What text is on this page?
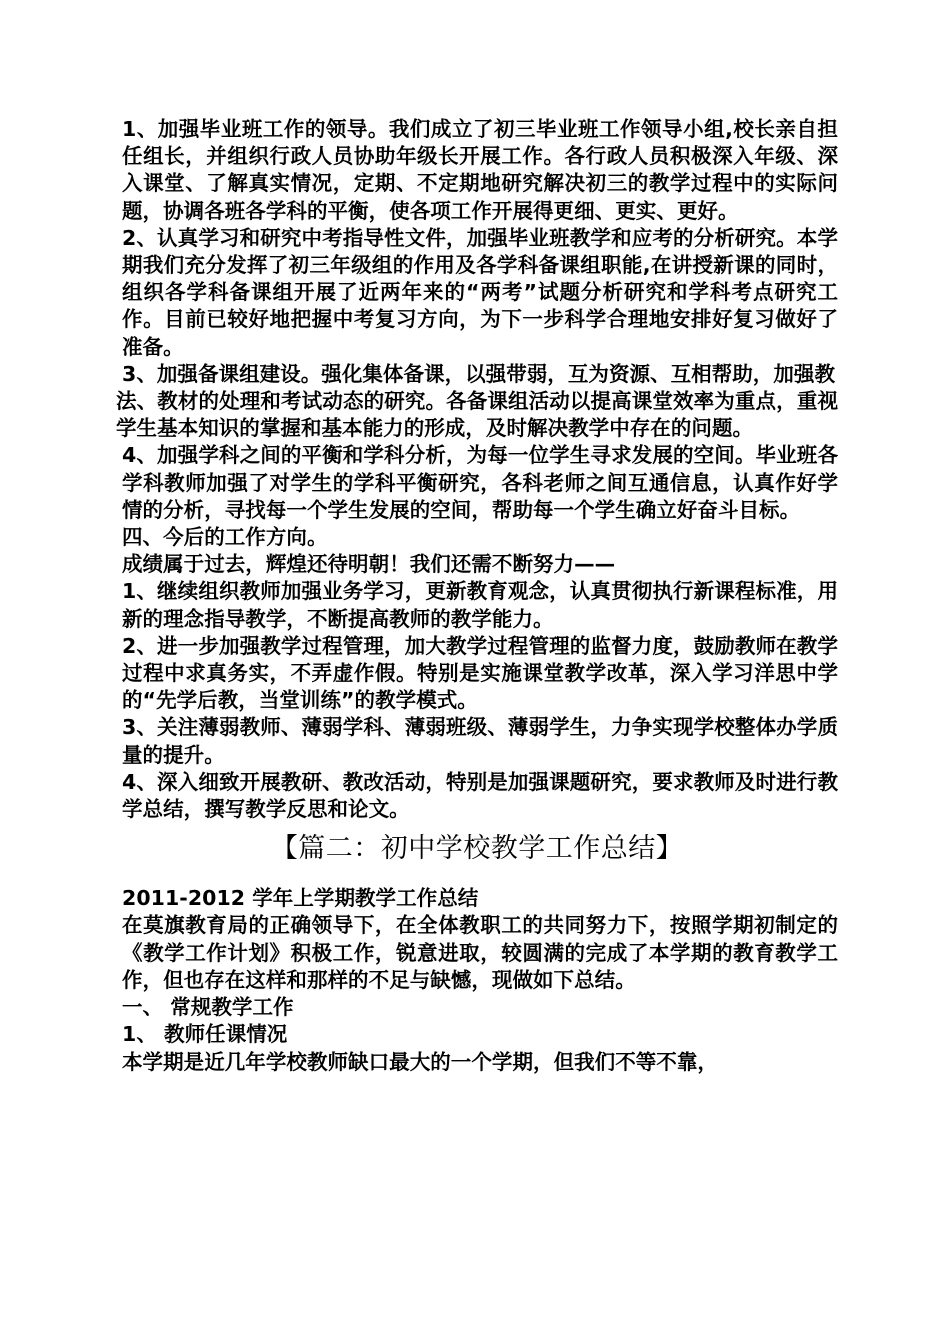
1、加强毕业班工作的领导。我们成立了初三毕业班工作领导小组,校长亲自担任组长，并组织行政人员协助年级长开展工作。各行政人员积极深入年级、深入课堂、了解真实情况，定期、不定期地研究解决初三的教学过程中的实际问题，协调各班各学科的平衡，使各项工作开展得更细、更实、更好。

2、认真学习和研究中考指导性文件，加强毕业班教学和应考的分析研究。本学期我们充分发挥了初三年级组的作用及各学科备课组职能,在讲授新课的同时，组织各学科备课组开展了近两年来的“两考”试题分析研究和学科考点研究工作。目前已较好地把握中考复习方向，为下一步科学合理地安排好复习做好了准备。

3、加强备课组建设。强化集体备课，以强带弱，互为资源、互相帮助，加强教

法、教材的处理和考试动态的研究。各备课组活动以提高课堂效率为重点，重视学生基本知识的掌握和基本能力的形成，及时解决教学中存在的问题。

4、加强学科之间的平衡和学科分析，为每一位学生寻求发展的空间。毕业班各学科教师加强了对学生的学科平衡研究，各科老师之间互通信息，认真作好学情的分析，寻找每一个学生发展的空间，帮助每一个学生确立好奋斗目标。

四、今后的工作方向。

成绩属于过去，辉煌还待明朝！我们还需不断努力——

1、继续组织教师加强业务学习，更新教育观念，认真贯彻执行新课程标准，用新的理念指导教学，不断提高教师的教学能力。

2、进一步加强教学过程管理，加大教学过程管理的监督力度，鼓励教师在教学过程中求真务实，不弄虚作假。特别是实施课堂教学改革，深入学习洋思中学的“先学后教，当堂训练”的教学模式。

3、关注薄弱教师、薄弱学科、薄弱班级、薄弱学生，力争实现学校整体办学质量的提升。

4、深入细致开展教研、教改活动，特别是加强课题研究，要求教师及时进行教学总结，撰写教学反思和论文。

【篇二：初中学校教学工作总结】

2011-2012 学年上学期教学工作总结

在莫旗教育局的正确领导下，在全体教职工的共同努力下，按照学期初制定的《教学工作计划》积极工作，锐意进取，较圆满的完成了本学期的教育教学工作，但也存在这样和那样的不足与缺憾，现做如下总结。

一、 常规教学工作

1、 教师任课情况

本学期是近几年学校教师缺口最大的一个学期，但我们不等不靠，
